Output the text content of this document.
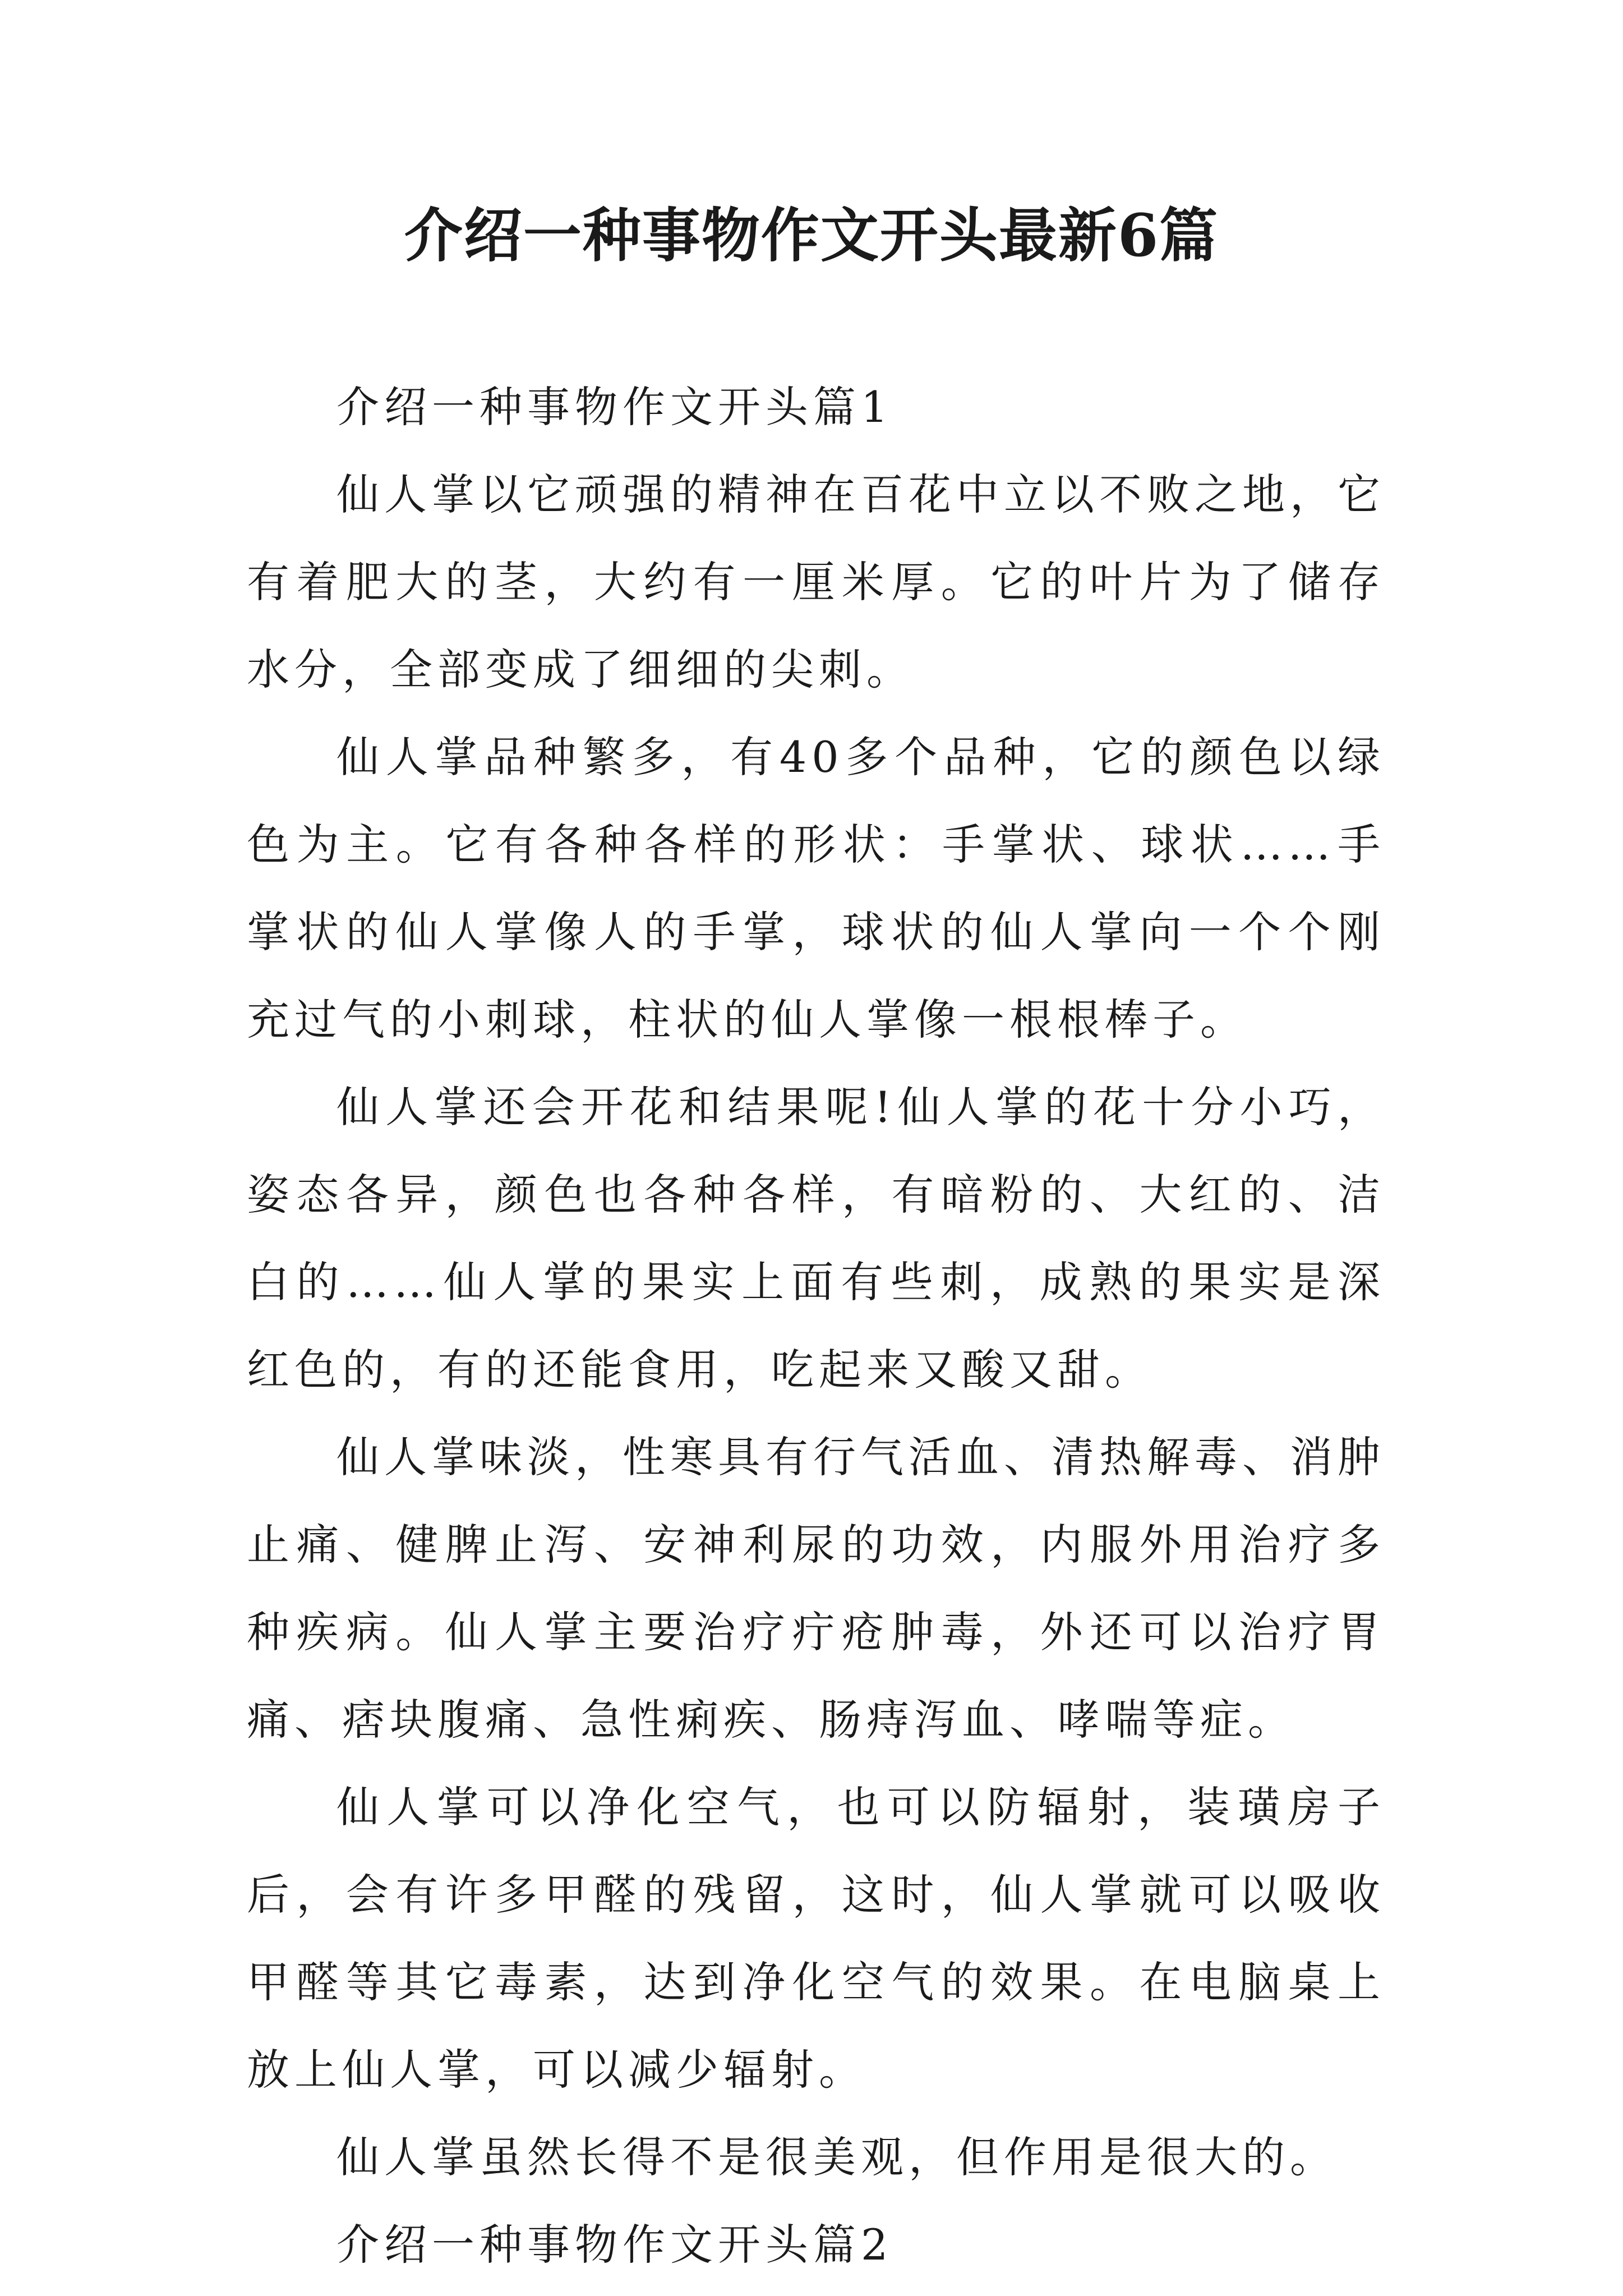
介绍一种事物作文开头最新6篇

介绍一种事物作文开头篇1

仙人掌以它顽强的精神在百花中立以不败之地，它有着肥大的茎，大约有一厘米厚。它的叶片为了储存水分，全部变成了细细的尖刺。

仙人掌品种繁多，有40多个品种，它的颜色以绿色为主。它有各种各样的形状：手掌状、球状……手掌状的仙人掌像人的手掌，球状的仙人掌向一个个刚充过气的小刺球，柱状的仙人掌像一根根棒子。

仙人掌还会开花和结果呢!仙人掌的花十分小巧，姿态各异，颜色也各种各样，有暗粉的、大红的、洁白的……仙人掌的果实上面有些刺，成熟的果实是深红色的，有的还能食用，吃起来又酸又甜。

仙人掌味淡，性寒具有行气活血、清热解毒、消肿止痛、健脾止泻、安神利尿的功效，内服外用治疗多种疾病。仙人掌主要治疗疔疮肿毒，外还可以治疗胃痛、痞块腹痛、急性痢疾、肠痔泻血、哮喘等症。

仙人掌可以净化空气，也可以防辐射，装璜房子后，会有许多甲醛的残留，这时，仙人掌就可以吸收甲醛等其它毒素，达到净化空气的效果。在电脑桌上放上仙人掌，可以减少辐射。

仙人掌虽然长得不是很美观，但作用是很大的。

介绍一种事物作文开头篇2
